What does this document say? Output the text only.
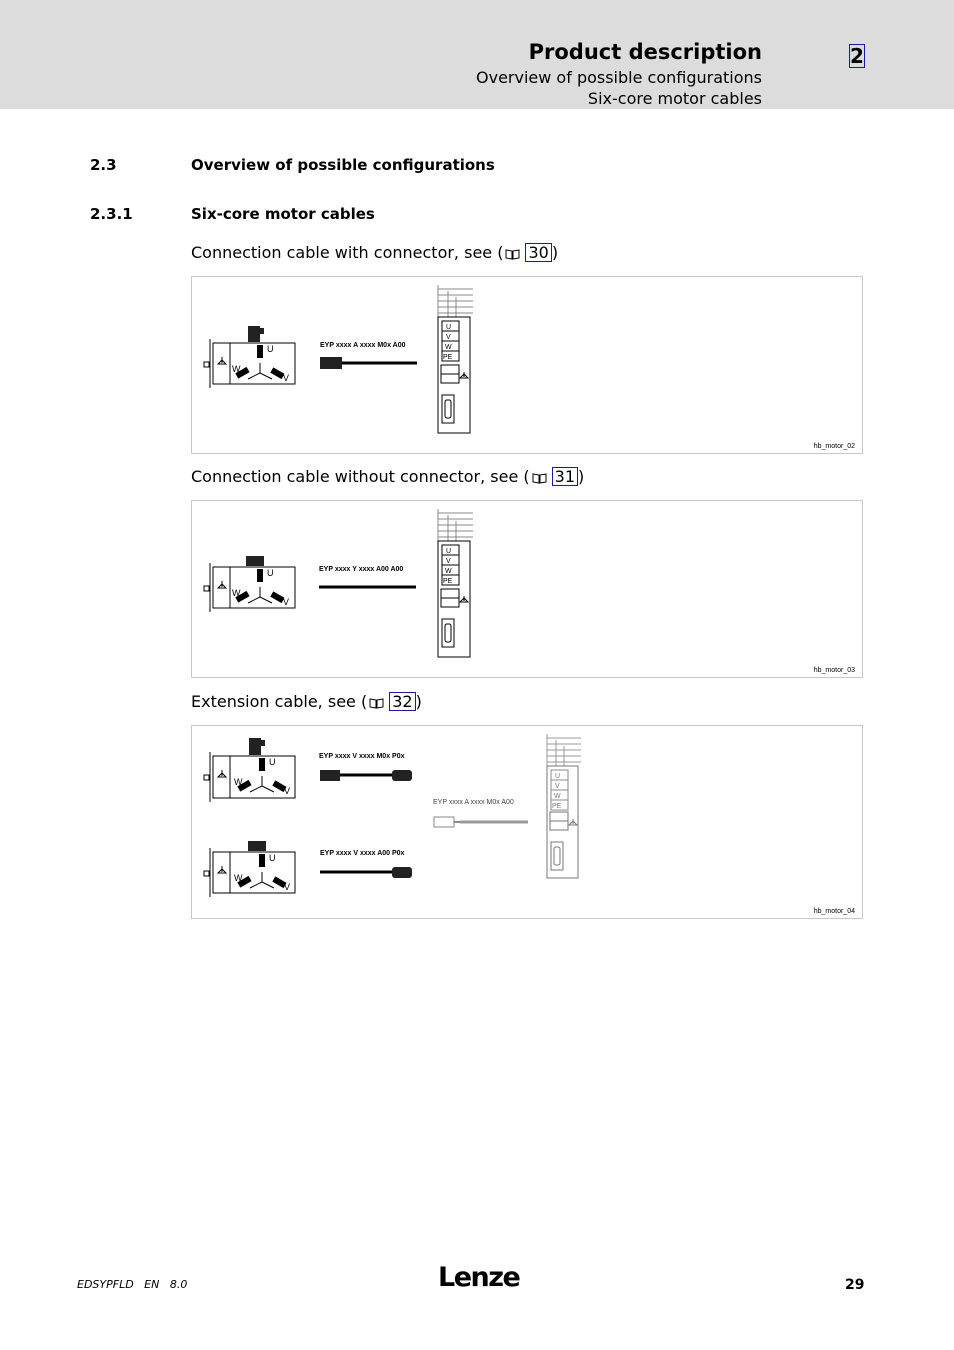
Product description
Overview of possible configurations
Six-core motor cables
2
2.3	Overview of possible configurations
2.3.1	Six-core motor cables
Connection cable with connector, see ( 30 )
U
W
V
EYP xxxx A xxxx M0x A00
U
V
W
PE
hb_motor_02
Connection cable without connector, see ( 31 )
U
W
V
EYP xxxx Y xxxx A00 A00
U
V
W
PE
hb_motor_03
Extension cable, see ( 32 )
U
W
V
U
W
V
EYP xxxx V xxxx M0x P0x
EYP xxxx V xxxx A00 P0x
EYP xxxx A xxxx M0x A00
U
V
W
PE
hb_motor_04
EDSYPFLD   EN   8.0	Lenze	29
